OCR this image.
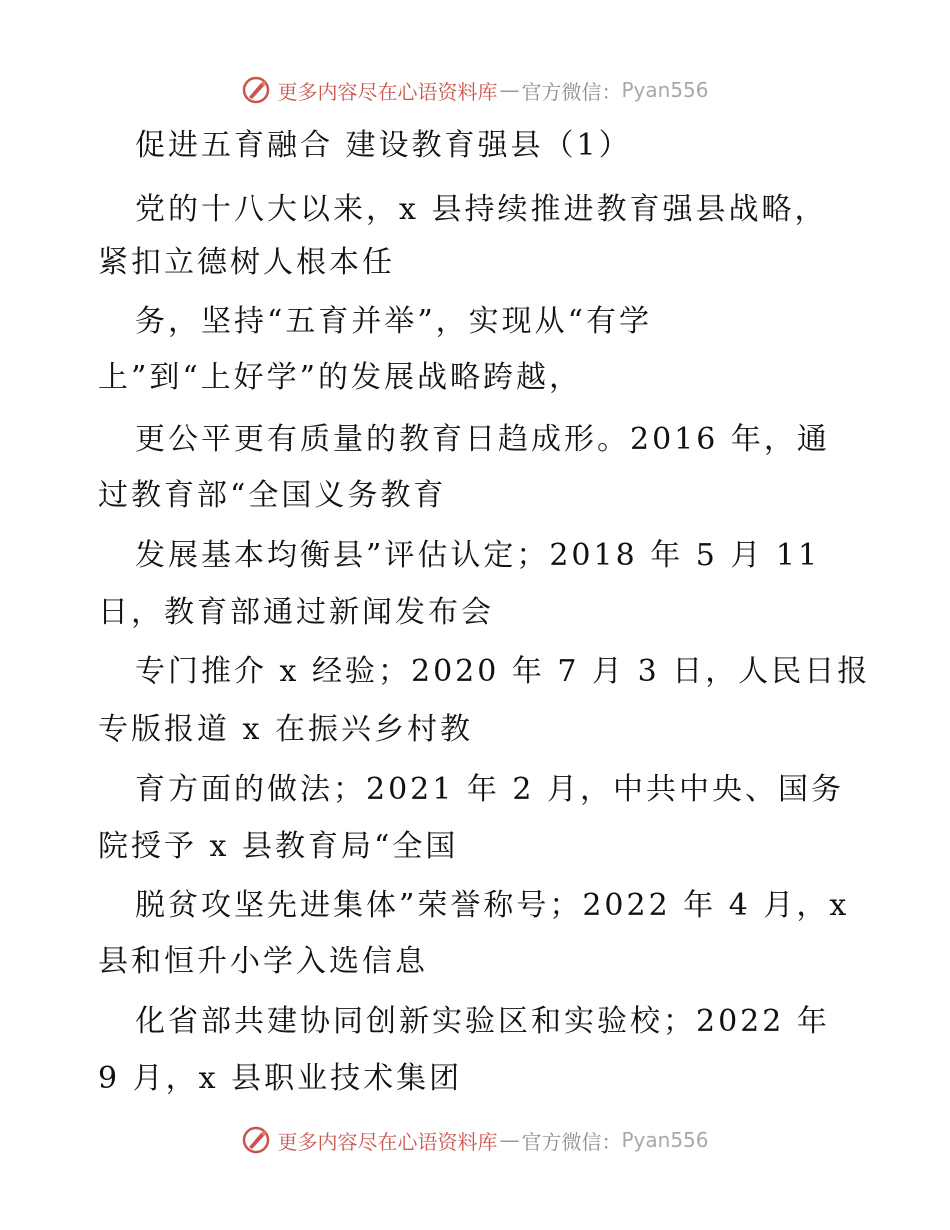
更多内容尽在心语资料库 — 官方微信： Pyan556
促进五育融合 建设教育强县（1）
党的十八大以来，x 县持续推进教育强县战略，
紧扣立德树人根本任
务，坚持“五育并举”，实现从“有学
上”到“上好学”的发展战略跨越，
更公平更有质量的教育日趋成形。2016 年，通
过教育部“全国义务教育
发展基本均衡县”评估认定；2018 年 5 月 11
日，教育部通过新闻发布会
专门推介 x 经验；2020 年 7 月 3 日，人民日报
专版报道 x 在振兴乡村教
育方面的做法；2021 年 2 月，中共中央、国务
院授予 x 县教育局“全国
脱贫攻坚先进集体”荣誉称号；2022 年 4 月，x
县和恒升小学入选信息
化省部共建协同创新实验区和实验校；2022 年
9 月，x 县职业技术集团
更多内容尽在心语资料库 — 官方微信： Pyan556
